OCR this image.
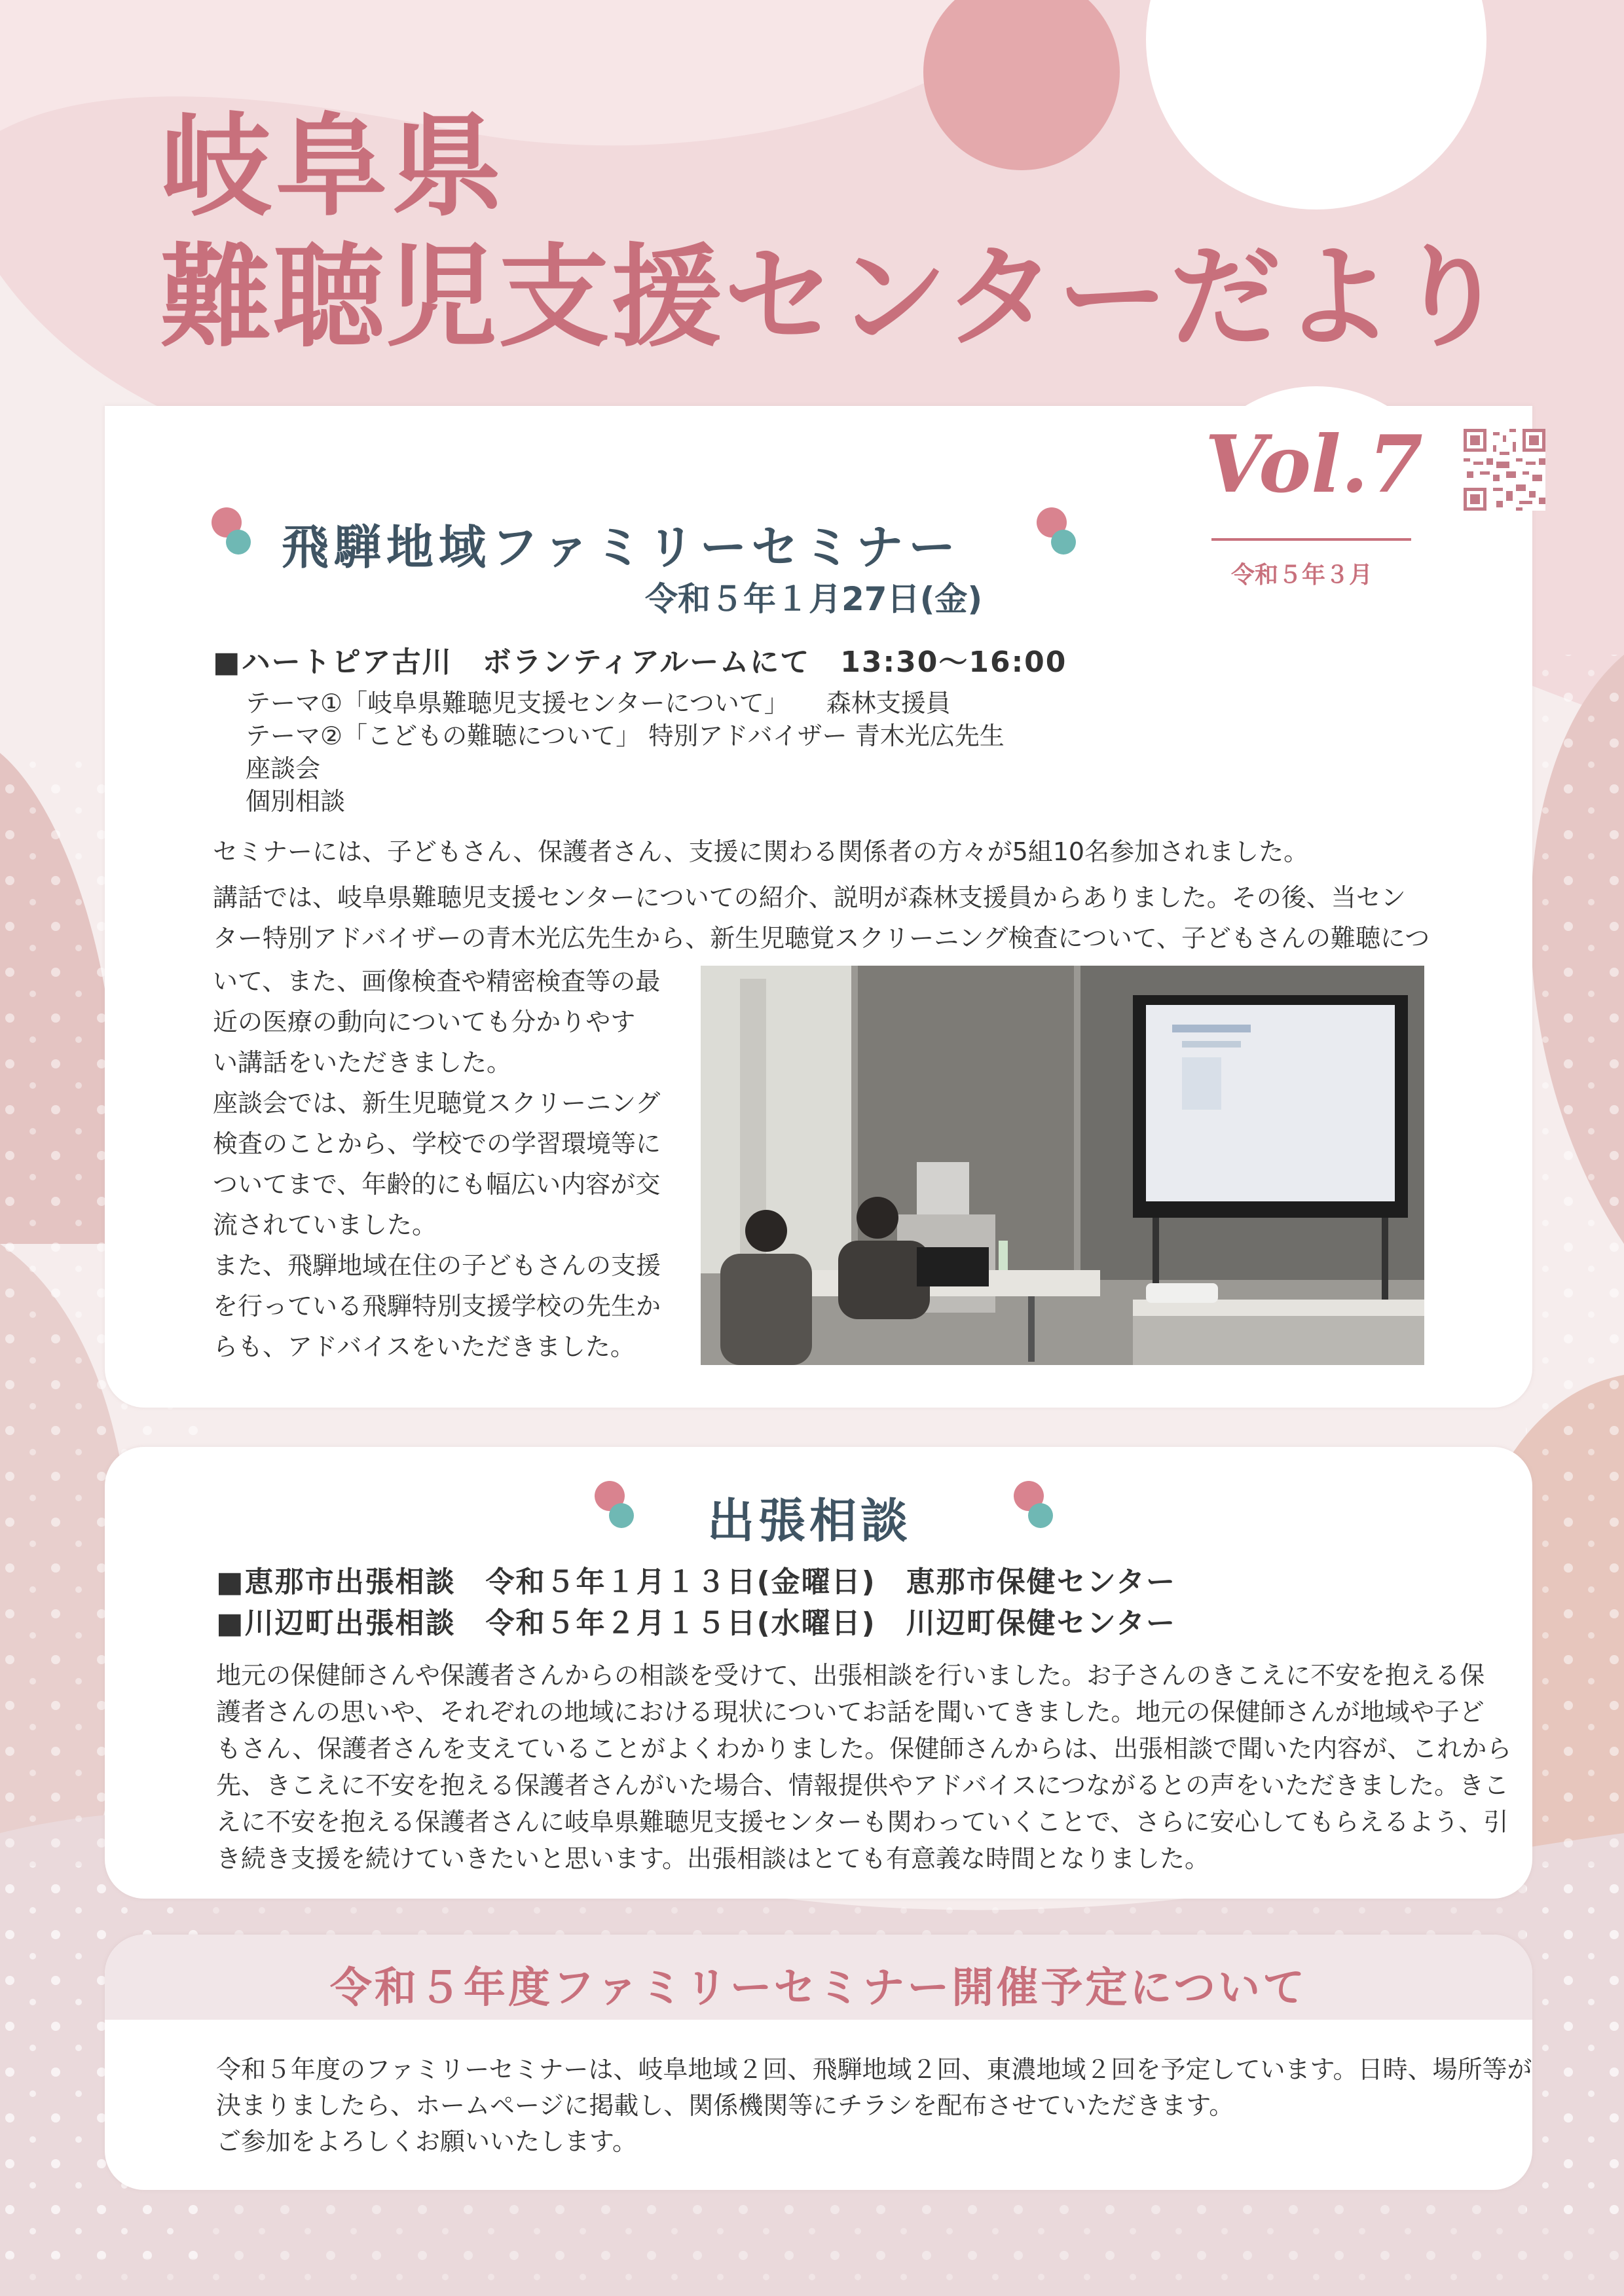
岐阜県
難聴児支援センターだより
Vol.7
令和５年３月
飛騨地域ファミリーセミナー
令和５年１月27日(金)
■ハートピア古川　ボランティアルームにて　13:30〜16:00
テーマ①「岐阜県難聴児支援センターについて」　　森林支援員
テーマ②「こどもの難聴について」 特別アドバイザー 青木光広先生
座談会
個別相談
セミナーには、子どもさん、保護者さん、支援に関わる関係者の方々が5組10名参加されました。
講話では、岐阜県難聴児支援センターについての紹介、説明が森林支援員からありました。その後、当セン
ター特別アドバイザーの青木光広先生から、新生児聴覚スクリーニング検査について、子どもさんの難聴につ
いて、また、画像検査や精密検査等の最
近の医療の動向についても分かりやす
い講話をいただきました。
座談会では、新生児聴覚スクリーニング
検査のことから、学校での学習環境等に
ついてまで、年齢的にも幅広い内容が交
流されていました。
また、飛騨地域在住の子どもさんの支援
を行っている飛騨特別支援学校の先生か
らも、アドバイスをいただきました。
出張相談
■恵那市出張相談　令和５年１月１３日(金曜日)　恵那市保健センター
■川辺町出張相談　令和５年２月１５日(水曜日)　川辺町保健センター
地元の保健師さんや保護者さんからの相談を受けて、出張相談を行いました。お子さんのきこえに不安を抱える保
護者さんの思いや、それぞれの地域における現状についてお話を聞いてきました。地元の保健師さんが地域や子ど
もさん、保護者さんを支えていることがよくわかりました。保健師さんからは、出張相談で聞いた内容が、これから
先、きこえに不安を抱える保護者さんがいた場合、情報提供やアドバイスにつながるとの声をいただきました。きこ
えに不安を抱える保護者さんに岐阜県難聴児支援センターも関わっていくことで、さらに安心してもらえるよう、引
き続き支援を続けていきたいと思います。出張相談はとても有意義な時間となりました。
令和５年度ファミリーセミナー開催予定について
令和５年度のファミリーセミナーは、岐阜地域２回、飛騨地域２回、東濃地域２回を予定しています。日時、場所等が
決まりましたら、ホームページに掲載し、関係機関等にチラシを配布させていただきます。
ご参加をよろしくお願いいたします。
